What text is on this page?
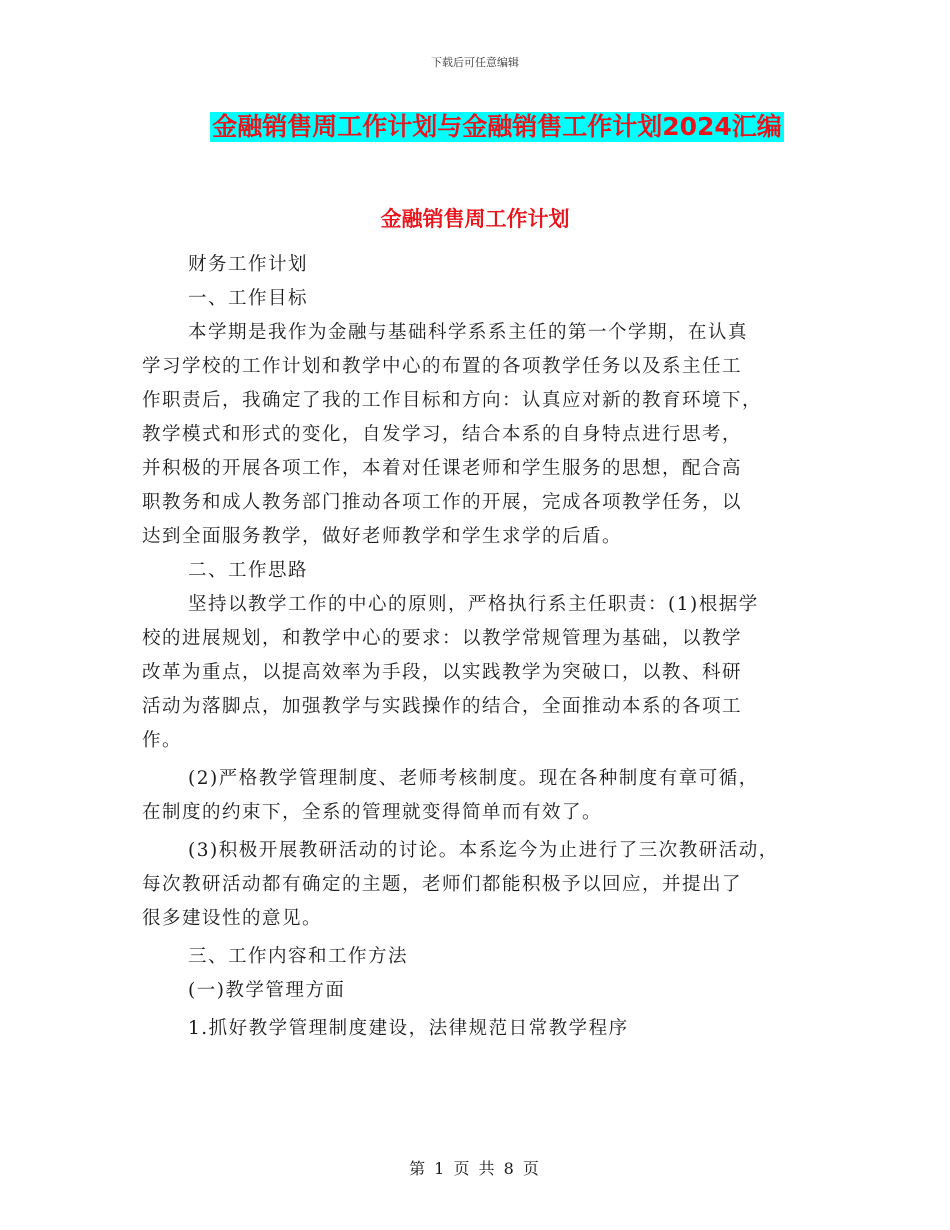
下载后可任意编辑
金融销售周工作计划与金融销售工作计划2024汇编
金融销售周工作计划
财务工作计划
一、工作目标
本学期是我作为金融与基础科学系系主任的第一个学期，在认真
学习学校的工作计划和教学中心的布置的各项教学任务以及系主任工
作职责后，我确定了我的工作目标和方向：认真应对新的教育环境下，
教学模式和形式的变化，自发学习，结合本系的自身特点进行思考，
并积极的开展各项工作，本着对任课老师和学生服务的思想，配合高
职教务和成人教务部门推动各项工作的开展，完成各项教学任务，以
达到全面服务教学，做好老师教学和学生求学的后盾。
二、工作思路
坚持以教学工作的中心的原则，严格执行系主任职责：(1)根据学
校的进展规划，和教学中心的要求：以教学常规管理为基础，以教学
改革为重点，以提高效率为手段，以实践教学为突破口，以教、科研
活动为落脚点，加强教学与实践操作的结合，全面推动本系的各项工
作。
(2)严格教学管理制度、老师考核制度。现在各种制度有章可循，
在制度的约束下，全系的管理就变得简单而有效了。
(3)积极开展教研活动的讨论。本系迄今为止进行了三次教研活动，
每次教研活动都有确定的主题，老师们都能积极予以回应，并提出了
很多建设性的意见。
三、工作内容和工作方法
(一)教学管理方面
1.抓好教学管理制度建设，法律规范日常教学程序
第 1 页 共 8 页
